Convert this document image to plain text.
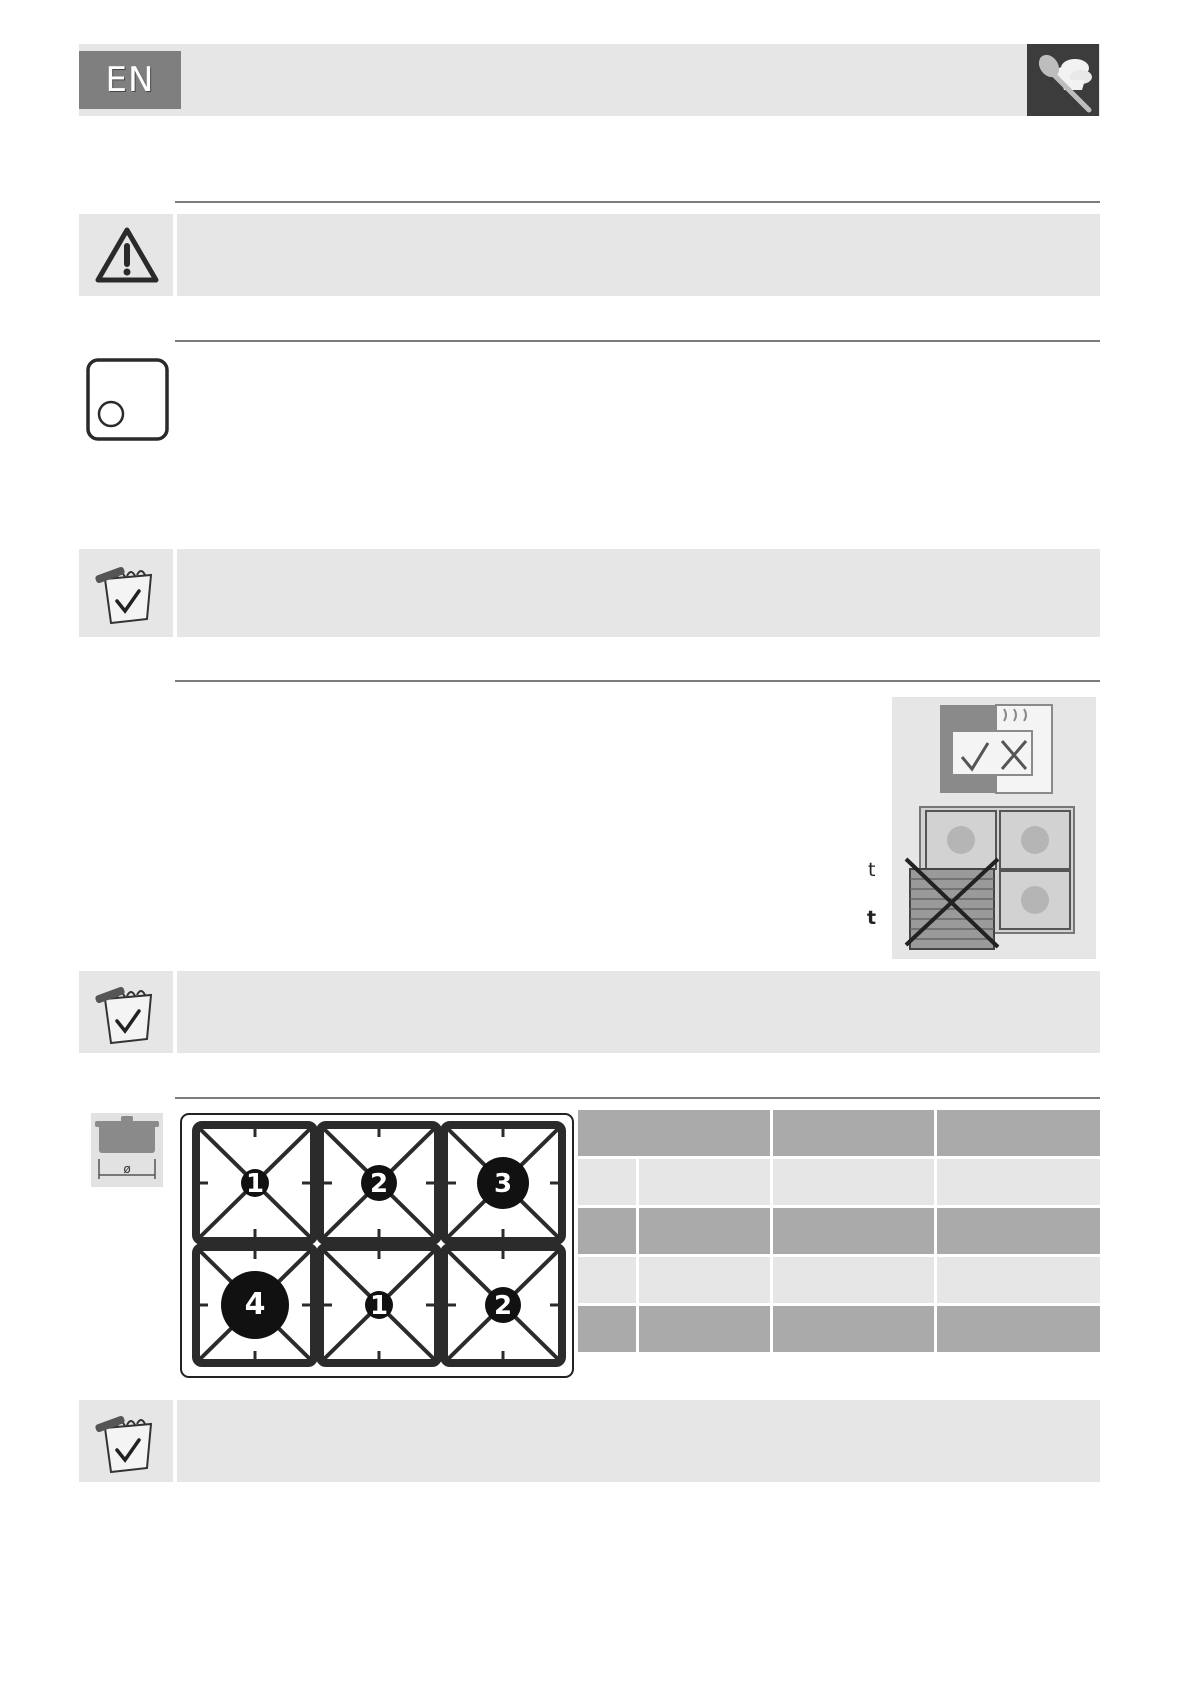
EN
t
t
ø	1	2	3
4	1	2
